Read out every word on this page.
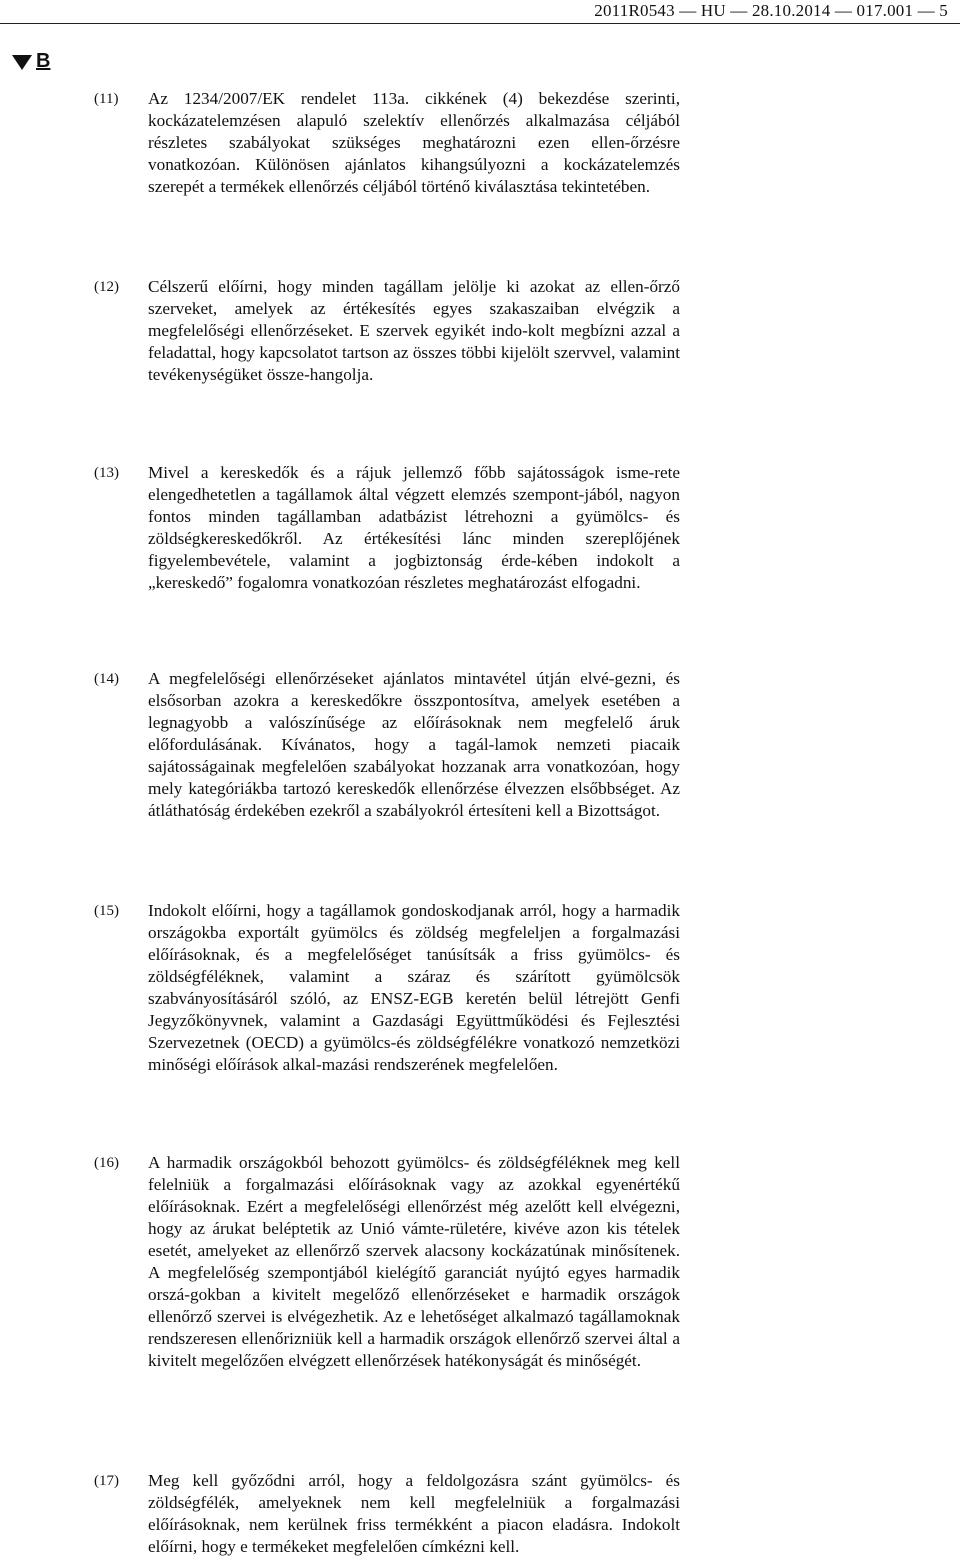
2011R0543 — HU — 28.10.2014 — 017.001 — 5
B
(11) Az 1234/2007/EK rendelet 113a. cikkének (4) bekezdése szerinti, kockázatelemzésen alapuló szelektív ellenőrzés alkalmazása céljából részletes szabályokat szükséges meghatározni ezen ellen-őrzésre vonatkozóan. Különösen ajánlatos kihangsúlyozni a kockázatelemzés szerepét a termékek ellenőrzés céljából történő kiválasztása tekintetében.
(12) Célszerű előírni, hogy minden tagállam jelölje ki azokat az ellen-őrző szerveket, amelyek az értékesítés egyes szakaszaiban elvégzik a megfelelőségi ellenőrzéseket. E szervek egyikét indo-kolt megbízni azzal a feladattal, hogy kapcsolatot tartson az összes többi kijelölt szervvel, valamint tevékenységüket össze-hangolja.
(13) Mivel a kereskedők és a rájuk jellemző főbb sajátosságok isme-rete elengedhetetlen a tagállamok által végzett elemzés szempont-jából, nagyon fontos minden tagállamban adatbázist létrehozni a gyümölcs- és zöldségkereskedőkről. Az értékesítési lánc minden szereplőjének figyelembevétele, valamint a jogbiztonság érde-kében indokolt a „kereskedő” fogalomra vonatkozóan részletes meghatározást elfogadni.
(14) A megfelelőségi ellenőrzéseket ajánlatos mintavétel útján elvé-gezni, és elsősorban azokra a kereskedőkre összpontosítva, amelyek esetében a legnagyobb a valószínűsége az előírásoknak nem megfelelő áruk előfordulásának. Kívánatos, hogy a tagál-lamok nemzeti piacaik sajátosságainak megfelelően szabályokat hozzanak arra vonatkozóan, hogy mely kategóriákba tartozó kereskedők ellenőrzése élvezzen elsőbbséget. Az átláthatóság érdekében ezekről a szabályokról értesíteni kell a Bizottságot.
(15) Indokolt előírni, hogy a tagállamok gondoskodjanak arról, hogy a harmadik országokba exportált gyümölcs és zöldség megfeleljen a forgalmazási előírásoknak, és a megfelelőséget tanúsítsák a friss gyümölcs- és zöldségféléknek, valamint a száraz és szárított gyümölcsök szabványosításáról szóló, az ENSZ-EGB keretén belül létrejött Genfi Jegyzőkönyvnek, valamint a Gazdasági Együttműködési és Fejlesztési Szervezetnek (OECD) a gyümölcs-és zöldségfélékre vonatkozó nemzetközi minőségi előírások alkal-mazási rendszerének megfelelően.
(16) A harmadik országokból behozott gyümölcs- és zöldségféléknek meg kell felelniük a forgalmazási előírásoknak vagy az azokkal egyenértékű előírásoknak. Ezért a megfelelőségi ellenőrzést még azelőtt kell elvégezni, hogy az árukat beléptetik az Unió vámte-rületére, kivéve azon kis tételek esetét, amelyeket az ellenőrző szervek alacsony kockázatúnak minősítenek. A megfelelőség szempontjából kielégítő garanciát nyújtó egyes harmadik orszá-gokban a kivitelt megelőző ellenőrzéseket e harmadik országok ellenőrző szervei is elvégezhetik. Az e lehetőséget alkalmazó tagállamoknak rendszeresen ellenőrizniük kell a harmadik országok ellenőrző szervei által a kivitelt megelőzően elvégzett ellenőrzések hatékonyságát és minőségét.
(17) Meg kell győződni arról, hogy a feldolgozásra szánt gyümölcs- és zöldségfélék, amelyeknek nem kell megfelelniük a forgalmazási előírásoknak, nem kerülnek friss termékként a piacon eladásra. Indokolt előírni, hogy e termékeket megfelelően címkézni kell.
